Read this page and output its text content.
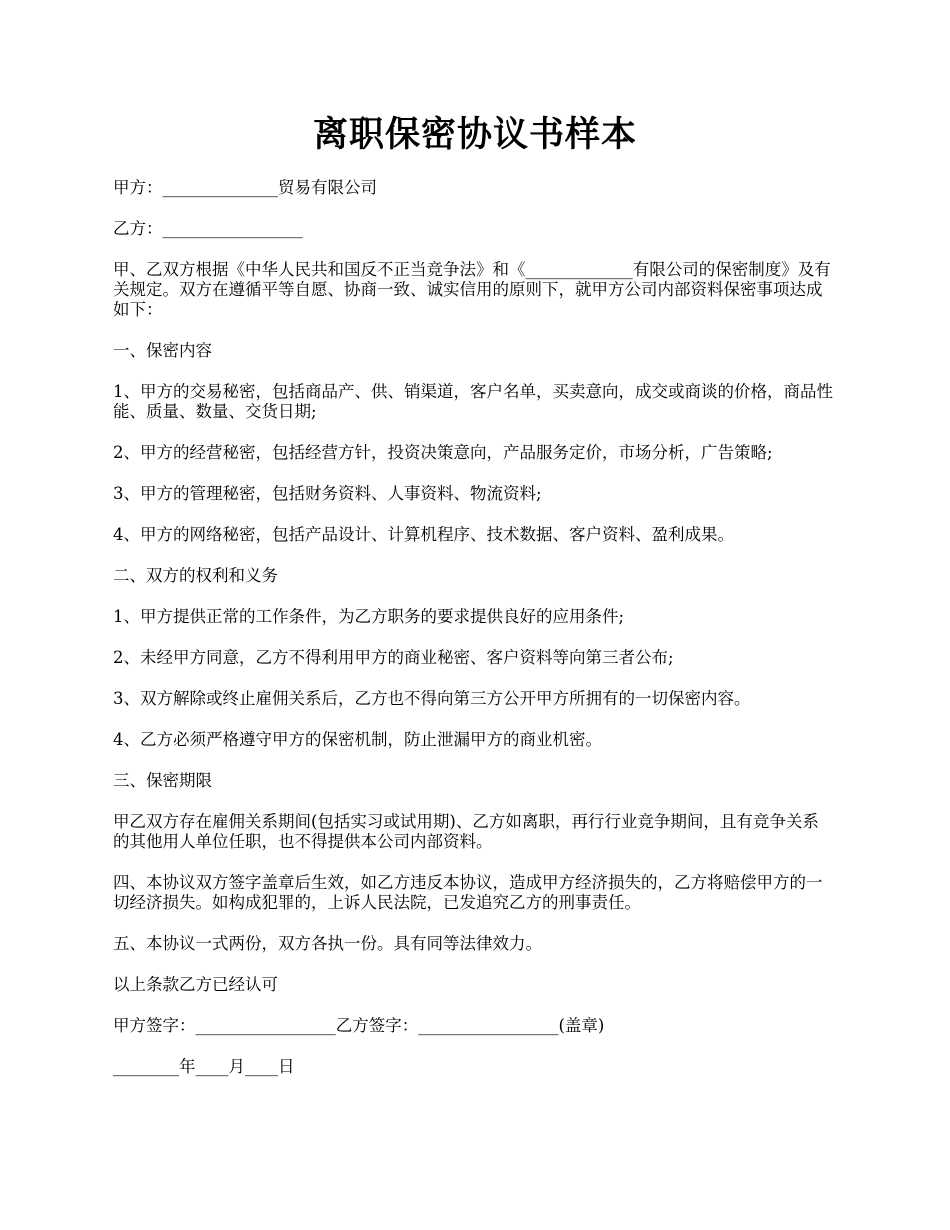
离职保密协议书样本

甲方：______________贸易有限公司

乙方：_________________

甲、乙双方根据《中华人民共和国反不正当竞争法》和《_____________有限公司的保密制度》及有关规定。双方在遵循平等自愿、协商一致、诚实信用的原则下，就甲方公司内部资料保密事项达成如下：

一、保密内容

1、甲方的交易秘密，包括商品产、供、销渠道，客户名单，买卖意向，成交或商谈的价格，商品性能、质量、数量、交货日期;

2、甲方的经营秘密，包括经营方针，投资决策意向，产品服务定价，市场分析，广告策略;

3、甲方的管理秘密，包括财务资料、人事资料、物流资料;

4、甲方的网络秘密，包括产品设计、计算机程序、技术数据、客户资料、盈利成果。

二、双方的权利和义务

1、甲方提供正常的工作条件，为乙方职务的要求提供良好的应用条件;

2、未经甲方同意，乙方不得利用甲方的商业秘密、客户资料等向第三者公布;

3、双方解除或终止雇佣关系后，乙方也不得向第三方公开甲方所拥有的一切保密内容。

4、乙方必须严格遵守甲方的保密机制，防止泄漏甲方的商业机密。

三、保密期限

甲乙双方存在雇佣关系期间(包括实习或试用期)、乙方如离职，再行行业竞争期间，且有竞争关系的其他用人单位任职，也不得提供本公司内部资料。

四、本协议双方签字盖章后生效，如乙方违反本协议，造成甲方经济损失的，乙方将赔偿甲方的一切经济损失。如构成犯罪的，上诉人民法院，已发追究乙方的刑事责任。

五、本协议一式两份，双方各执一份。具有同等法律效力。

以上条款乙方已经认可

甲方签字：_________________乙方签字：_________________(盖章)

________年____月____日
